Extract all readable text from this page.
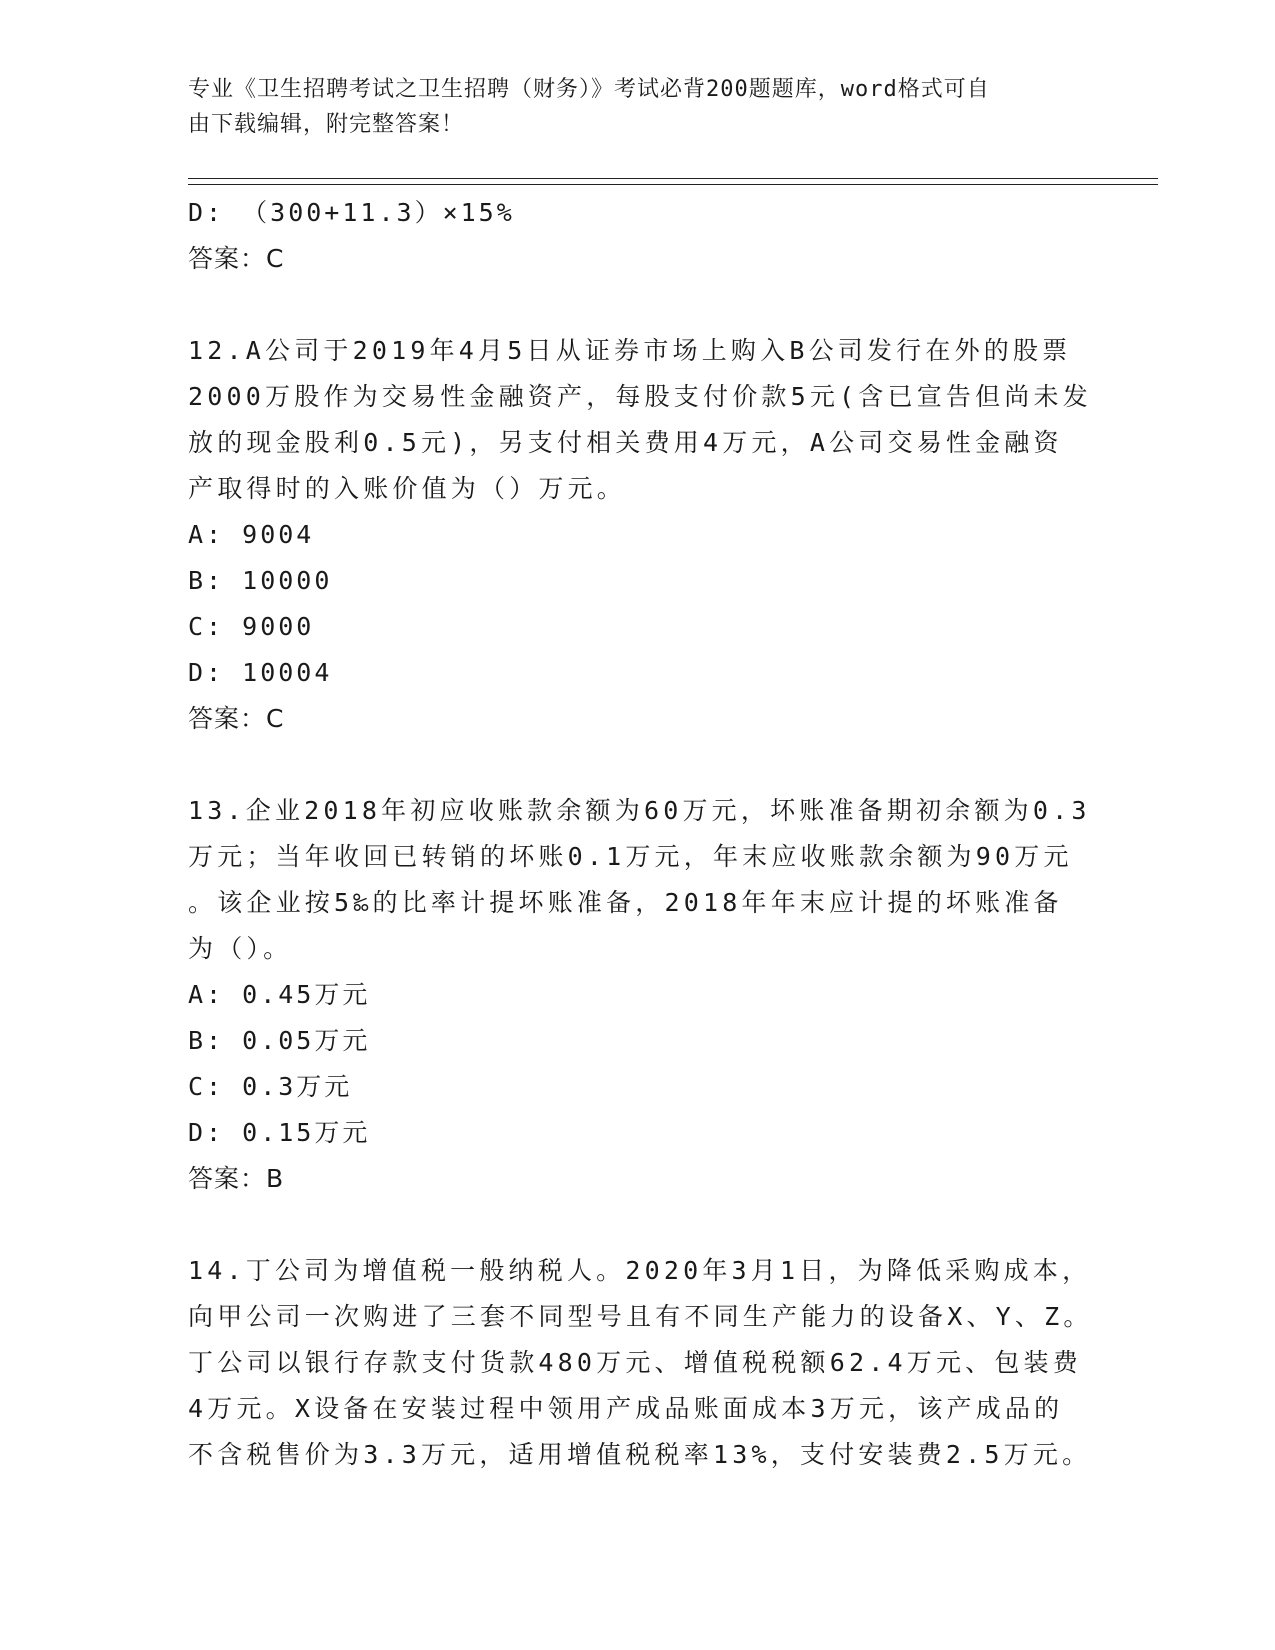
专业《卫生招聘考试之卫生招聘（财务）》考试必背200题题库，word格式可自
由下载编辑，附完整答案！
D: （300+11.3）×15%
答案：C
12.A公司于2019年4月5日从证券市场上购入B公司发行在外的股票
2000万股作为交易性金融资产，每股支付价款5元(含已宣告但尚未发
放的现金股利0.5元)，另支付相关费用4万元，A公司交易性金融资
产取得时的入账价值为（）万元。
A: 9004
B: 10000
C: 9000
D: 10004
答案：C
13.企业2018年初应收账款余额为60万元，坏账准备期初余额为0.3
万元；当年收回已转销的坏账0.1万元，年末应收账款余额为90万元
。该企业按5‰的比率计提坏账准备，2018年年末应计提的坏账准备
为（）。
A: 0.45万元
B: 0.05万元
C: 0.3万元
D: 0.15万元
答案：B
14.丁公司为增值税一般纳税人。2020年3月1日，为降低采购成本，
向甲公司一次购进了三套不同型号且有不同生产能力的设备X、Y、Z。
丁公司以银行存款支付货款480万元、增值税税额62.4万元、包装费
4万元。X设备在安装过程中领用产成品账面成本3万元，该产成品的
不含税售价为3.3万元，适用增值税税率13%，支付安装费2.5万元。
